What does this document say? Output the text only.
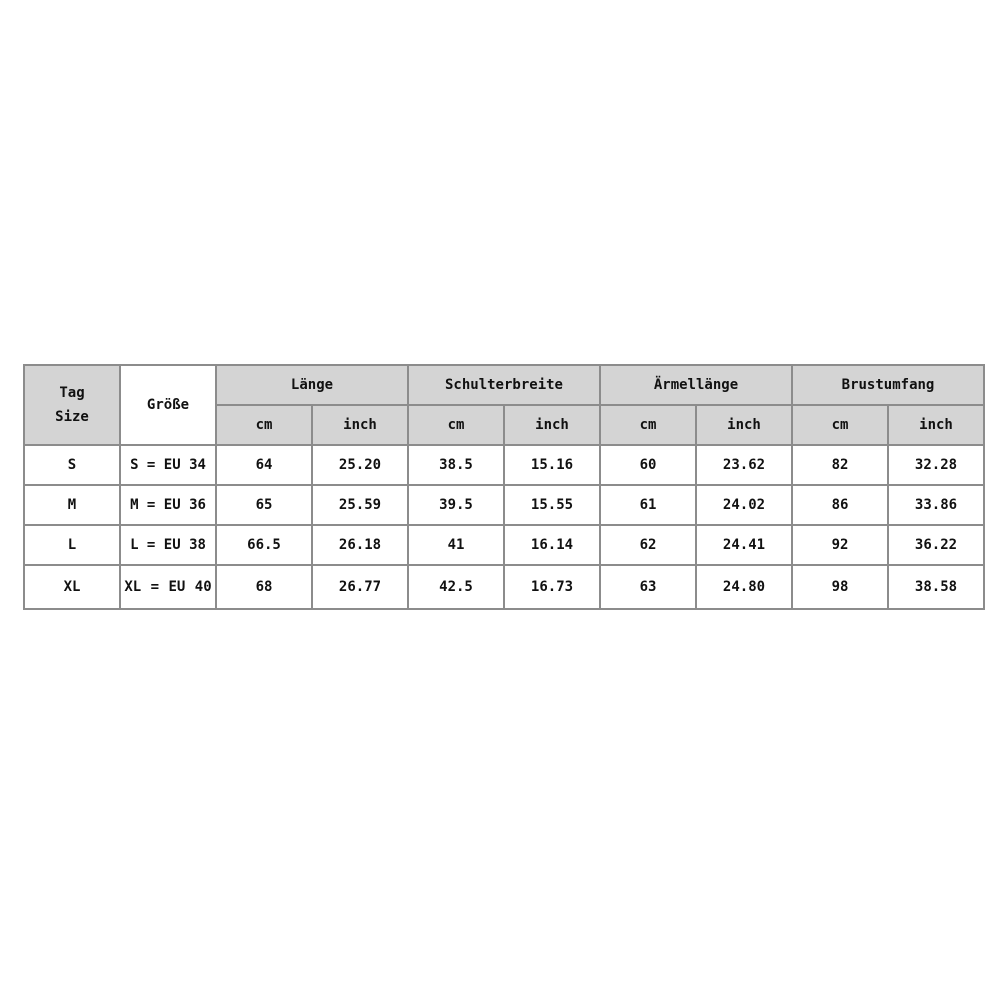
Tag
Size	Größe	Länge		Schulterbreite		Ärmellänge		Brustumfang	
		cm	inch	cm	inch	cm	inch	cm	inch
S	S = EU 34	64	25.20	38.5	15.16	60	23.62	82	32.28
M	M = EU 36	65	25.59	39.5	15.55	61	24.02	86	33.86
L	L = EU 38	66.5	26.18	41	16.14	62	24.41	92	36.22
XL	XL = EU 40	68	26.77	42.5	16.73	63	24.80	98	38.58
